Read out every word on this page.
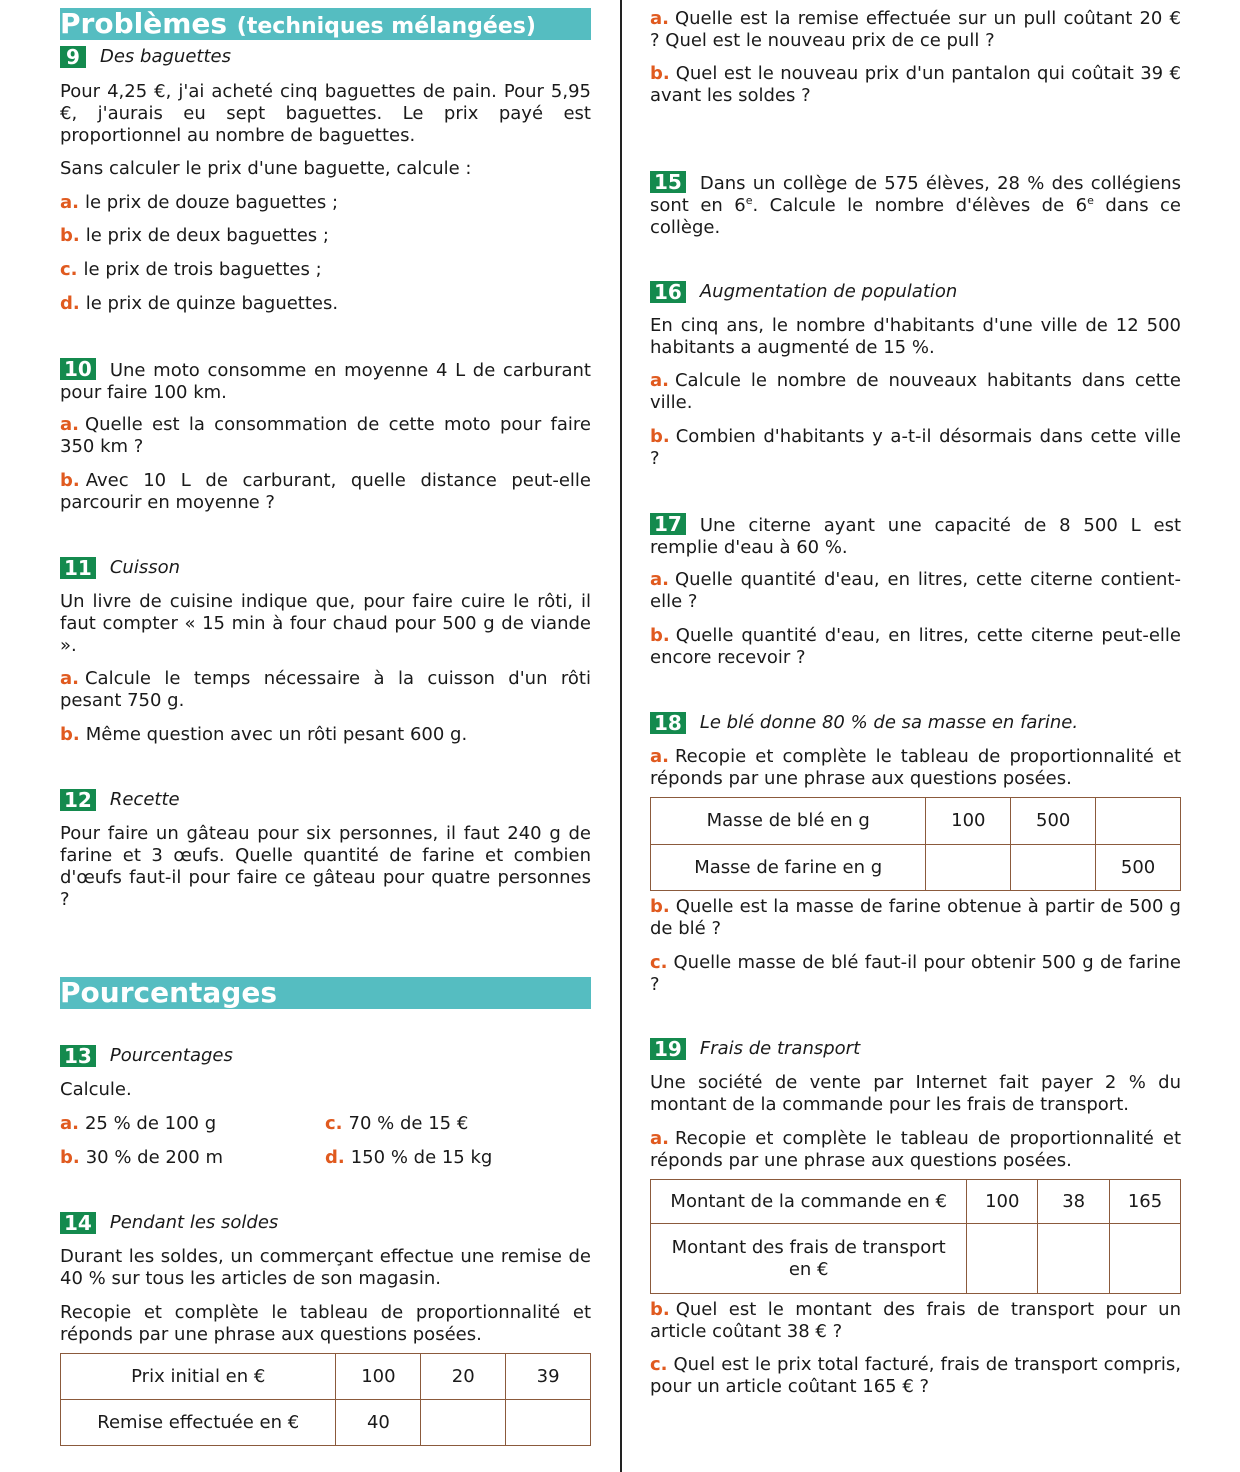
Problèmes (techniques mélangées)
9	Des baguettes

Pour 4,25 €, j'ai acheté cinq baguettes de pain. Pour 5,95 €, j'aurais eu sept baguettes. Le prix payé est proportionnel au nombre de baguettes.

Sans calculer le prix d'une baguette, calcule :

a. le prix de douze baguettes ;

b. le prix de deux baguettes ;

c. le prix de trois baguettes ;

d. le prix de quinze baguettes.

10 Une moto consomme en moyenne 4 L de carburant pour faire 100 km.

a. Quelle est la consommation de cette moto pour faire 350 km ?

b. Avec 10 L de carburant, quelle distance peut-elle parcourir en moyenne ?

11 Cuisson

Un livre de cuisine indique que, pour faire cuire le rôti, il faut compter « 15 min à four chaud pour 500 g de viande ».

a. Calcule le temps nécessaire à la cuisson d'un rôti pesant 750 g.

b. Même question avec un rôti pesant 600 g.

12 Recette

Pour faire un gâteau pour six personnes, il faut 240 g de farine et 3 œufs. Quelle quantité de farine et combien d'œufs faut-il pour faire ce gâteau pour quatre personnes ?

Pourcentages
13 Pourcentages

Calcule.

a. 25 % de 100 g	c. 70 % de 15 €
b. 30 % de 200 m	d. 150 % de 15 kg
14 Pendant les soldes

Durant les soldes, un commerçant effectue une remise de 40 % sur tous les articles de son magasin.

Recopie et complète le tableau de proportionnalité et réponds par une phrase aux questions posées.

Prix initial en €	100	20	39
Remise effectuée en €	40		

a. Quelle est la remise effectuée sur un pull coûtant 20 € ? Quel est le nouveau prix de ce pull ?

b. Quel est le nouveau prix d'un pantalon qui coûtait 39 € avant les soldes ?

15 Dans un collège de 575 élèves, 28 % des collégiens sont en 6e. Calcule le nombre d'élèves de 6e dans ce collège.

16 Augmentation de population

En cinq ans, le nombre d'habitants d'une ville de 12 500 habitants a augmenté de 15 %.

a. Calcule le nombre de nouveaux habitants dans cette ville.

b. Combien d'habitants y a-t-il désormais dans cette ville ?

17 Une citerne ayant une capacité de 8 500 L est remplie d'eau à 60 %.

a. Quelle quantité d'eau, en litres, cette citerne contient-elle ?

b. Quelle quantité d'eau, en litres, cette citerne peut-elle encore recevoir ?

18 Le blé donne 80 % de sa masse en farine.

a. Recopie et complète le tableau de proportionnalité et réponds par une phrase aux questions posées.

Masse de blé en g	100	500	
Masse de farine en g			500

b. Quelle est la masse de farine obtenue à partir de 500 g de blé ?

c. Quelle masse de blé faut-il pour obtenir 500 g de farine ?

19 Frais de transport

Une société de vente par Internet fait payer 2 % du montant de la commande pour les frais de transport.

a. Recopie et complète le tableau de proportionnalité et réponds par une phrase aux questions posées.

Montant de la commande en €	100	38	165
Montant des frais de transport en €			

b. Quel est le montant des frais de transport pour un article coûtant 38 € ?

c. Quel est le prix total facturé, frais de transport compris, pour un article coûtant 165 € ?
